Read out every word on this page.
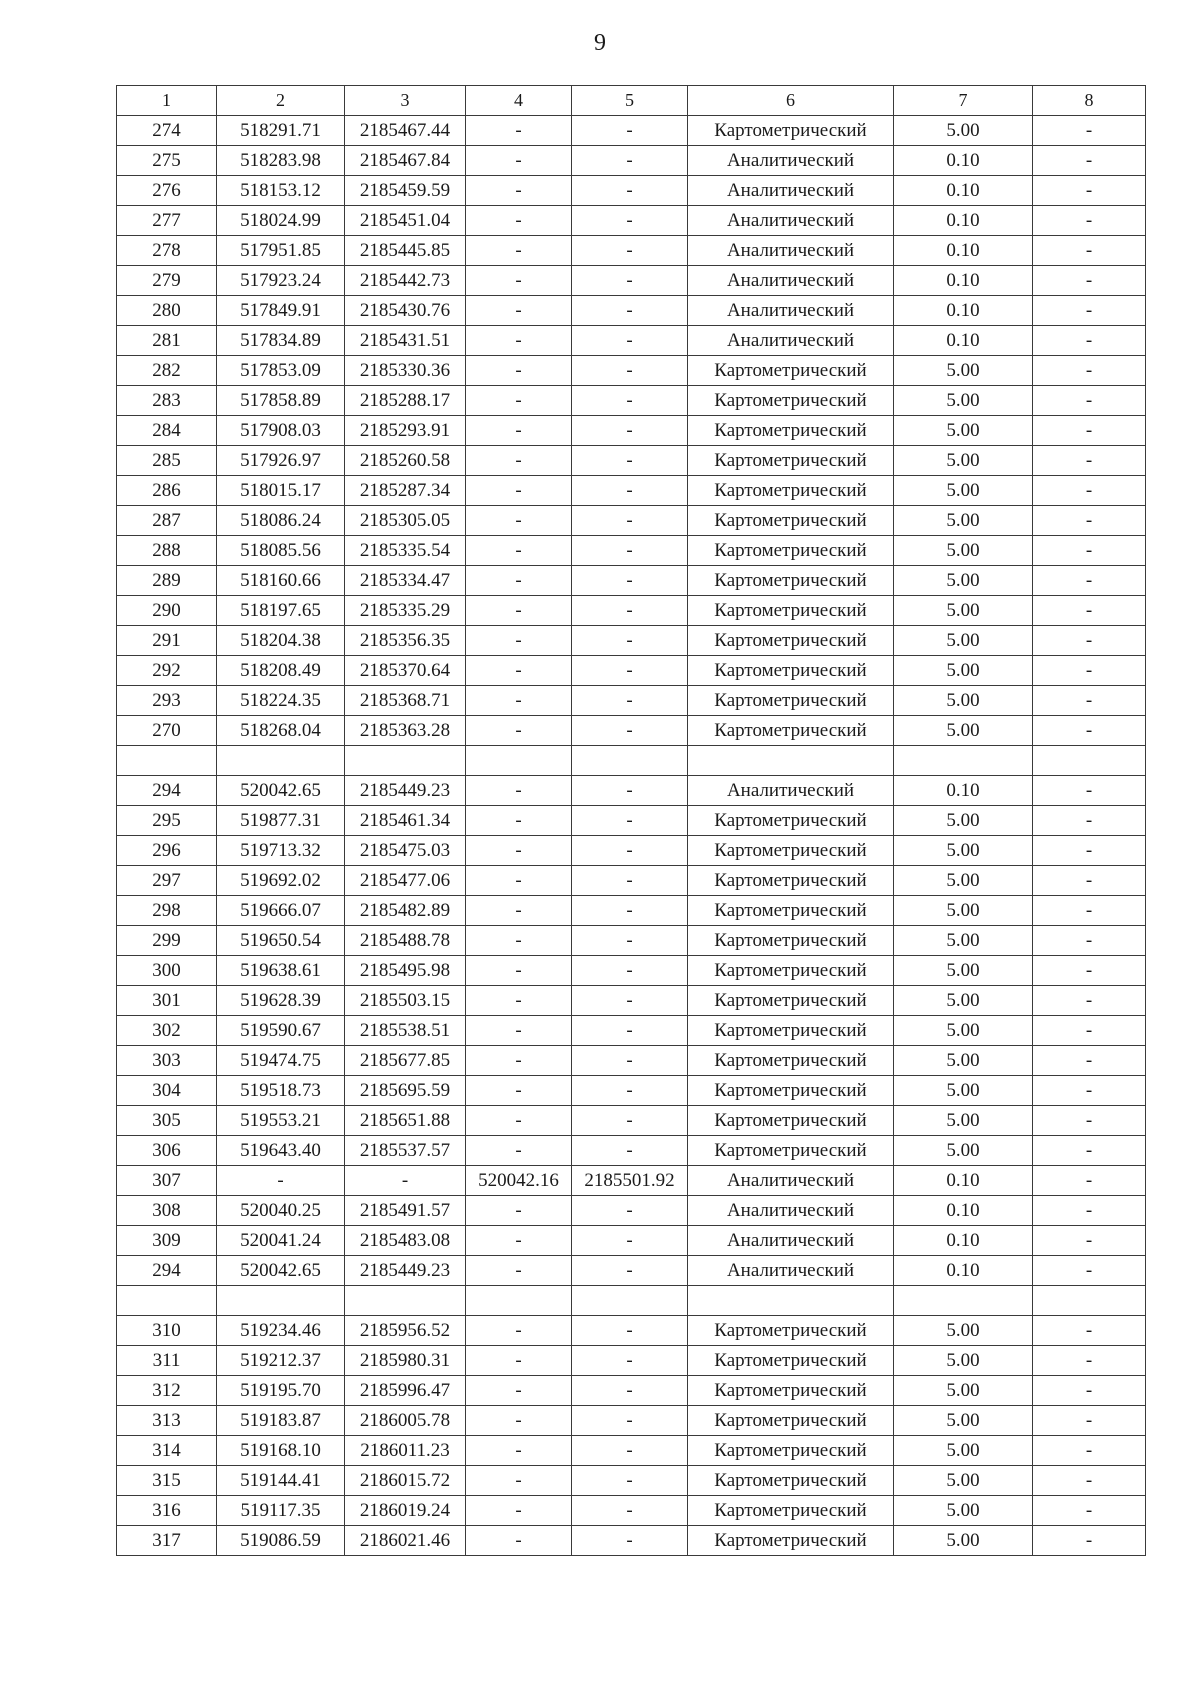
9
1	2	3	4	5	6	7	8
274	518291.71	2185467.44	-	-	Картометрический	5.00	-
275	518283.98	2185467.84	-	-	Аналитический	0.10	-
276	518153.12	2185459.59	-	-	Аналитический	0.10	-
277	518024.99	2185451.04	-	-	Аналитический	0.10	-
278	517951.85	2185445.85	-	-	Аналитический	0.10	-
279	517923.24	2185442.73	-	-	Аналитический	0.10	-
280	517849.91	2185430.76	-	-	Аналитический	0.10	-
281	517834.89	2185431.51	-	-	Аналитический	0.10	-
282	517853.09	2185330.36	-	-	Картометрический	5.00	-
283	517858.89	2185288.17	-	-	Картометрический	5.00	-
284	517908.03	2185293.91	-	-	Картометрический	5.00	-
285	517926.97	2185260.58	-	-	Картометрический	5.00	-
286	518015.17	2185287.34	-	-	Картометрический	5.00	-
287	518086.24	2185305.05	-	-	Картометрический	5.00	-
288	518085.56	2185335.54	-	-	Картометрический	5.00	-
289	518160.66	2185334.47	-	-	Картометрический	5.00	-
290	518197.65	2185335.29	-	-	Картометрический	5.00	-
291	518204.38	2185356.35	-	-	Картометрический	5.00	-
292	518208.49	2185370.64	-	-	Картометрический	5.00	-
293	518224.35	2185368.71	-	-	Картометрический	5.00	-
270	518268.04	2185363.28	-	-	Картометрический	5.00	-

294	520042.65	2185449.23	-	-	Аналитический	0.10	-
295	519877.31	2185461.34	-	-	Картометрический	5.00	-
296	519713.32	2185475.03	-	-	Картометрический	5.00	-
297	519692.02	2185477.06	-	-	Картометрический	5.00	-
298	519666.07	2185482.89	-	-	Картометрический	5.00	-
299	519650.54	2185488.78	-	-	Картометрический	5.00	-
300	519638.61	2185495.98	-	-	Картометрический	5.00	-
301	519628.39	2185503.15	-	-	Картометрический	5.00	-
302	519590.67	2185538.51	-	-	Картометрический	5.00	-
303	519474.75	2185677.85	-	-	Картометрический	5.00	-
304	519518.73	2185695.59	-	-	Картометрический	5.00	-
305	519553.21	2185651.88	-	-	Картометрический	5.00	-
306	519643.40	2185537.57	-	-	Картометрический	5.00	-
307	-	-	520042.16	2185501.92	Аналитический	0.10	-
308	520040.25	2185491.57	-	-	Аналитический	0.10	-
309	520041.24	2185483.08	-	-	Аналитический	0.10	-
294	520042.65	2185449.23	-	-	Аналитический	0.10	-

310	519234.46	2185956.52	-	-	Картометрический	5.00	-
311	519212.37	2185980.31	-	-	Картометрический	5.00	-
312	519195.70	2185996.47	-	-	Картометрический	5.00	-
313	519183.87	2186005.78	-	-	Картометрический	5.00	-
314	519168.10	2186011.23	-	-	Картометрический	5.00	-
315	519144.41	2186015.72	-	-	Картометрический	5.00	-
316	519117.35	2186019.24	-	-	Картометрический	5.00	-
317	519086.59	2186021.46	-	-	Картометрический	5.00	-
